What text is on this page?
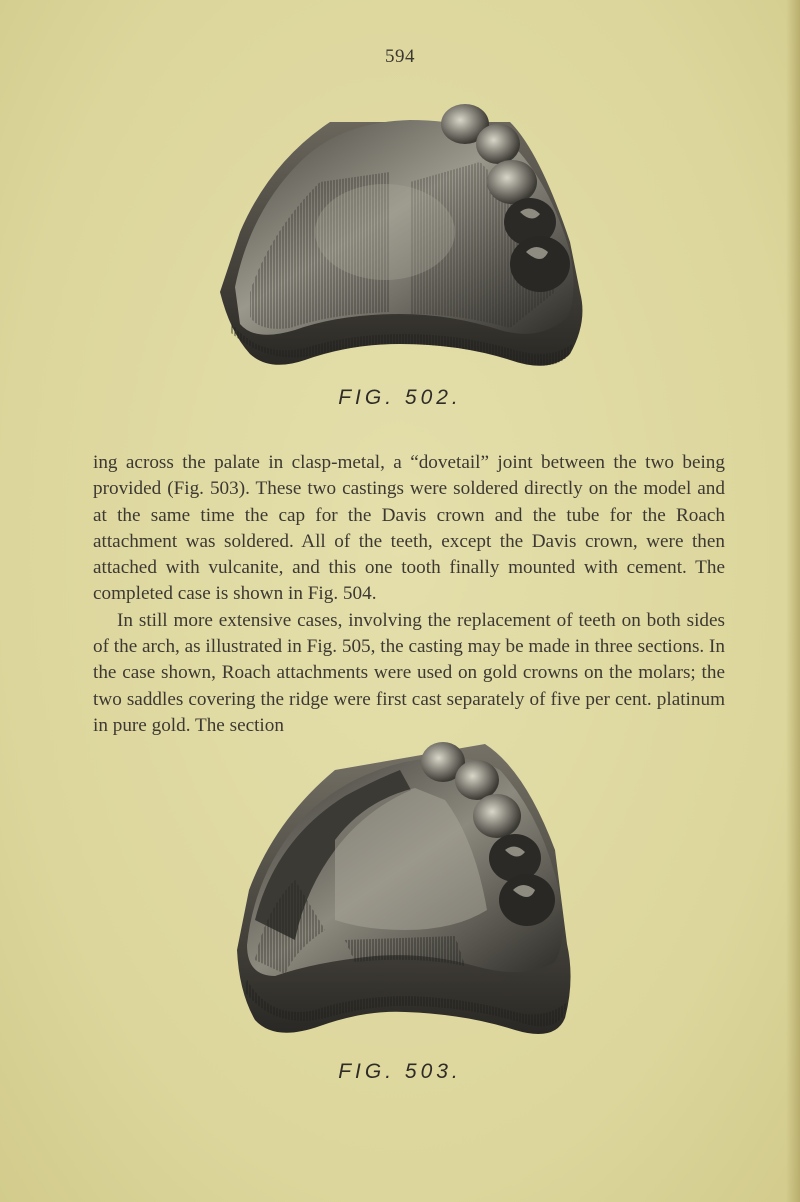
594
FIG. 502.

ing across the palate in clasp-metal, a “dovetail” joint between the two being provided (Fig. 503). These two castings were soldered directly on the model and at the same time the cap for the Davis crown and the tube for the Roach attachment was soldered. All of the teeth, except the Davis crown, were then attached with vulcanite, and this one tooth finally mounted with cement. The completed case is shown in Fig. 504.

In still more extensive cases, involving the replacement of teeth on both sides of the arch, as illustrated in Fig. 505, the casting may be made in three sections. In the case shown, Roach attachments were used on gold crowns on the molars; the two saddles covering the ridge were first cast separately of five per cent. platinum in pure gold. The section

FIG. 503.
